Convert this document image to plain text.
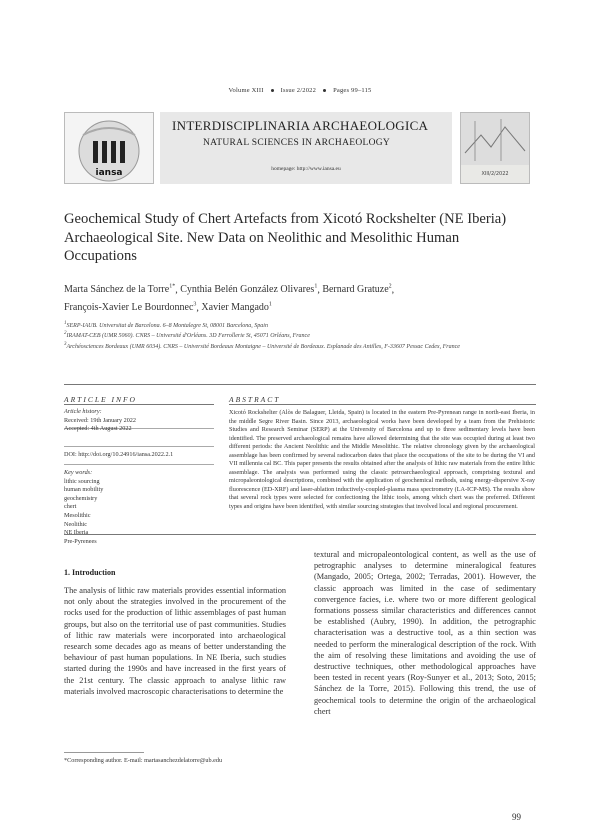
Volume XIII	Issue 2/2022	Pages 99–115
iansa
INTERDISCIPLINARIA ARCHAEOLOGICA
NATURAL SCIENCES IN ARCHAEOLOGY
homepage: http://www.iansa.eu
XIII/2/2022
Geochemical Study of Chert Artefacts from Xicotó Rockshelter (NE Iberia) Archaeological Site. New Data on Neolithic and Mesolithic Human Occupations
Marta Sánchez de la Torre$^{1*}$, Cynthia Belén González Olivares$^1$, Bernard Gratuze$^2$,
François-Xavier Le Bourdonnec$^3$, Xavier Mangado$^1$
$^1$SERP-IAUB. Universitat de Barcelona. 6–8 Montalegre St, 08001 Barcelona, Spain
$^2$IRAMAT-CEB (UMR 5060). CNRS – Université d'Orléans. 3D Ferrollerie St, 45071 Orléans, France
$^3$Archéosciences Bordeaux (UMR 6034). CNRS – Université Bordeaux Montaigne – Université de Bordeaux. Esplanade des Antilles, F-33607 Pessac Cedex, France
ARTICLE INFO
Article history:
Received: 19th January 2022
Accepted: 4th August 2022
DOI: http://doi.org/10.24916/iansa.2022.2.1
Key words:
lithic sourcing
human mobility
geochemistry
chert
Mesolithic
Neolithic
NE Iberia
Pre-Pyrenees
ABSTRACT
Xicotó Rockshelter (Alòs de Balaguer, Lleida, Spain) is located in the eastern Pre-Pyrenean range in north-east Iberia, in the middle Segre River Basin. Since 2013, archaeological works have been developed by a team from the Prehistoric Studies and Research Seminar (SERP) at the University of Barcelona and up to three sedimentary levels have been identified. The preserved archaeological remains have allowed determining that the site was occupied during at least two different periods: the Ancient Neolithic and the Middle Mesolithic. The relative chronology given by the archaeological assemblage has been confirmed by several radiocarbon dates that place the occupations of the site to be during the VI and VII millennia cal BC. This paper presents the results obtained after the analysis of lithic raw materials from the entire lithic assemblage. The analysis was performed using the classic petroarchaeological approach, comprising textural and micropaleontological descriptions, combined with the application of geochemical methods, using energy-dispersive X-ray fluorescence (ED-XRF) and laser-ablation inductively-coupled-plasma mass spectrometry (LA-ICP-MS). The results show that several rock types were selected for confectioning the lithic tools, among which chert was the preferred. Different types and origins have been identified, with similar sourcing strategies that involved local and regional procurement.
1. Introduction
The analysis of lithic raw materials provides essential information not only about the strategies involved in the procurement of the rocks used for the production of lithic assemblages of past human groups, but also on the territorial use of past communities. Studies of lithic raw materials were incorporated into archaeological research some decades ago as means of better understanding the behaviour of past human populations. In NE Iberia, such studies started during the 1990s and have increased in the first years of the 21st century. The classic approach to analyse lithic raw materials involved macroscopic characterisations to determine the
textural and micropaleontological content, as well as the use of petrographic analyses to determine mineralogical features (Mangado, 2005; Ortega, 2002; Terradas, 2001). However, the classic approach was limited in the case of sedimentary convergence facies, i.e. where two or more different geological formations possess similar characteristics and differences cannot be established (Aubry, 1990). In addition, the petrographic characterisation was a destructive tool, as a thin section was needed to perform the mineralogical description of the rock. With the aim of resolving these limitations and avoiding the use of destructive techniques, other methodological approaches have been tested in recent years (Roy-Sunyer et al., 2013; Soto, 2015; Sánchez de la Torre, 2015). Following this trend, the use of geochemical tools to determine the origin of the archaeological chert
*Corresponding author. E-mail: martasanchezdelatorre@ub.edu
99
